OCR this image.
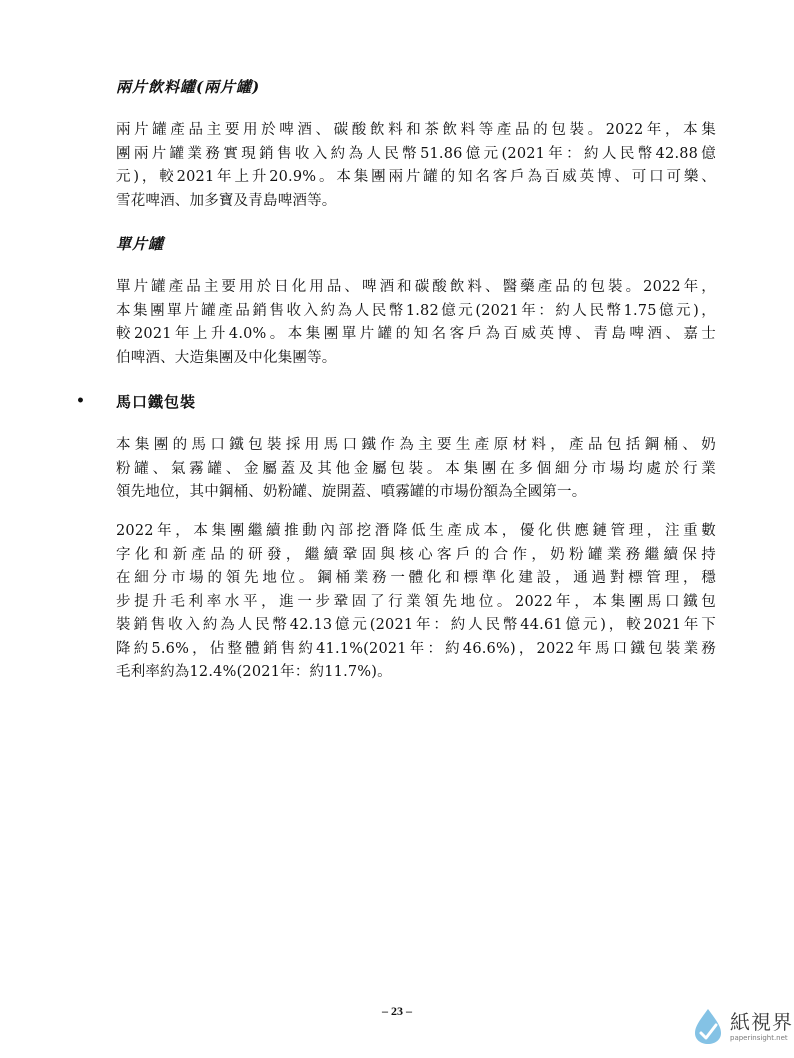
兩片飲料罐(兩片罐)
兩片罐產品主要用於啤酒、碳酸飲料和茶飲料等產品的包裝。2022年，本集
團兩片罐業務實現銷售收入約為人民幣51.86億元(2021年：約人民幣42.88億
元)，較2021年上升20.9%。本集團兩片罐的知名客戶為百威英博、可口可樂、
雪花啤酒、加多寶及青島啤酒等。
單片罐
單片罐產品主要用於日化用品、啤酒和碳酸飲料、醫藥產品的包裝。2022年，
本集團單片罐產品銷售收入約為人民幣1.82億元(2021年：約人民幣1.75億元)，
較2021年上升4.0%。本集團單片罐的知名客戶為百威英博、青島啤酒、嘉士
伯啤酒、大造集團及中化集團等。
• 馬口鐵包裝
本集團的馬口鐵包裝採用馬口鐵作為主要生產原材料，產品包括鋼桶、奶
粉罐、氣霧罐、金屬蓋及其他金屬包裝。本集團在多個細分市場均處於行業
領先地位，其中鋼桶、奶粉罐、旋開蓋、噴霧罐的市場份額為全國第一。
2022年，本集團繼續推動內部挖潛降低生產成本，優化供應鏈管理，注重數
字化和新產品的研發，繼續鞏固與核心客戶的合作，奶粉罐業務繼續保持
在細分市場的領先地位。鋼桶業務一體化和標準化建設，通過對標管理，穩
步提升毛利率水平，進一步鞏固了行業領先地位。2022年，本集團馬口鐵包
裝銷售收入約為人民幣42.13億元(2021年：約人民幣44.61億元)，較2021年下
降約5.6%，佔整體銷售約41.1%(2021年：約46.6%)，2022年馬口鐵包裝業務
毛利率約為12.4%(2021年：約11.7%)。
– 23 –	紙視界
paperinsight.net
